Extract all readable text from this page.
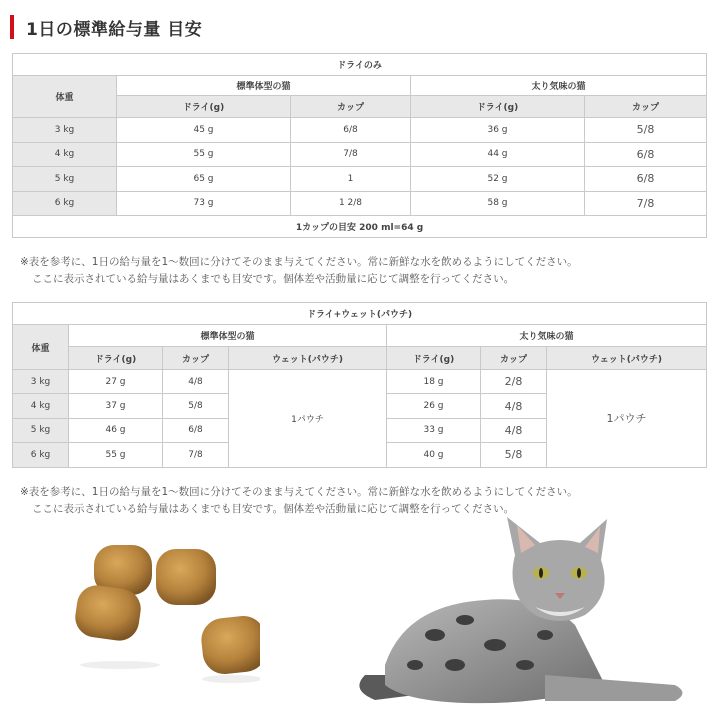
1日の標準給与量 目安
ドライのみ				
体重	標準体型の猫		太り気味の猫	
	ドライ(g)	カップ	ドライ(g)	カップ
3 kg	45 g	6/8	36 g	5/8
4 kg	55 g	7/8	44 g	6/8
5 kg	65 g	1	52 g	6/8
6 kg	73 g	1 2/8	58 g	7/8
1カップの目安 200 ml=64 g				
※表を参考に、1日の給与量を1〜数回に分けてそのまま与えてください。常に新鮮な水を飲めるようにしてください。
ここに表示されている給与量はあくまでも目安です。個体差や活動量に応じて調整を行ってください。
ドライ+ウェット(パウチ)						
体重	標準体型の猫			太り気味の猫		
	ドライ(g)	カップ	ウェット(パウチ)	ドライ(g)	カップ	ウェット(パウチ)
3 kg	27 g	4/8	1パウチ	18 g	2/8	1パウチ
4 kg	37 g	5/8		26 g	4/8	
5 kg	46 g	6/8		33 g	4/8	
6 kg	55 g	7/8		40 g	5/8	
※表を参考に、1日の給与量を1〜数回に分けてそのまま与えてください。常に新鮮な水を飲めるようにしてください。
ここに表示されている給与量はあくまでも目安です。個体差や活動量に応じて調整を行ってください。
